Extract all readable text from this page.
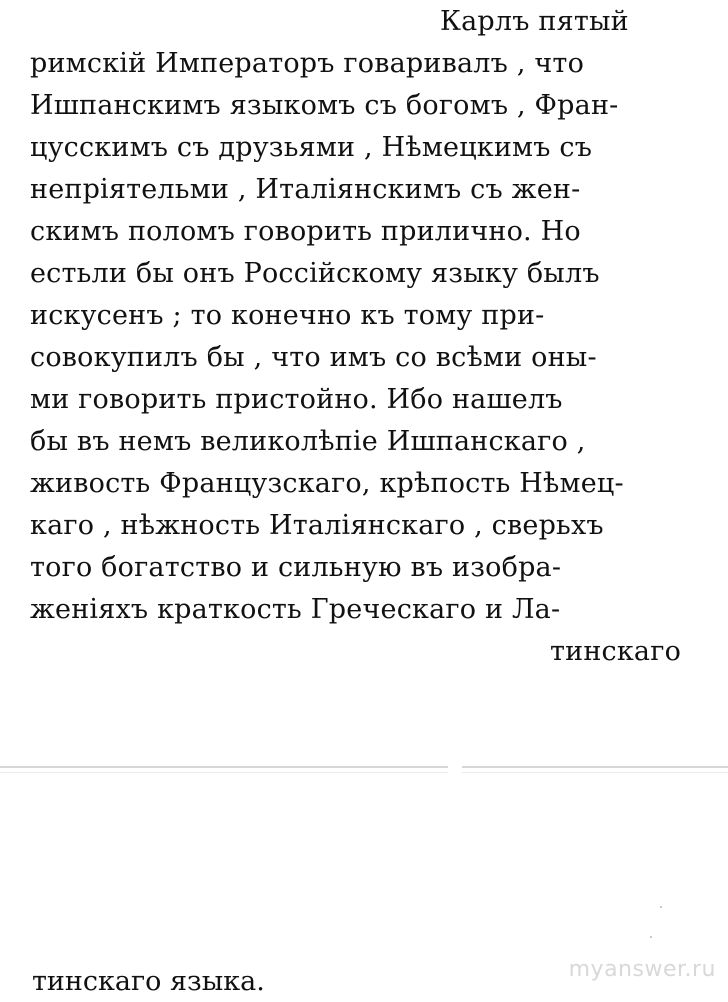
Карлъ пятый
римскій Императоръ говаривалъ , что
Ишпанскимъ языкомъ съ богомъ , Фран-
цусскимъ съ друзьями , Нѣмецкимъ съ
непріятельми , Италіянскимъ съ жен-
скимъ поломъ говорить прилично. Но
естьли бы онъ Россійскому языку былъ
искусенъ ; то конечно къ тому при-
совокупилъ бы , что имъ со всѣми оны-
ми говорить пристойно. Ибо нашелъ
бы въ немъ великолѣпіе Ишпанскаго ,
живость Французскаго, крѣпость Нѣмец-
каго , нѣжность Италіянскаго , сверьхъ
того богатство и сильную въ изобра-
женіяхъ краткость Греческаго и Ла-
тинскаго
тинскаго языка.	myanswer.ru
